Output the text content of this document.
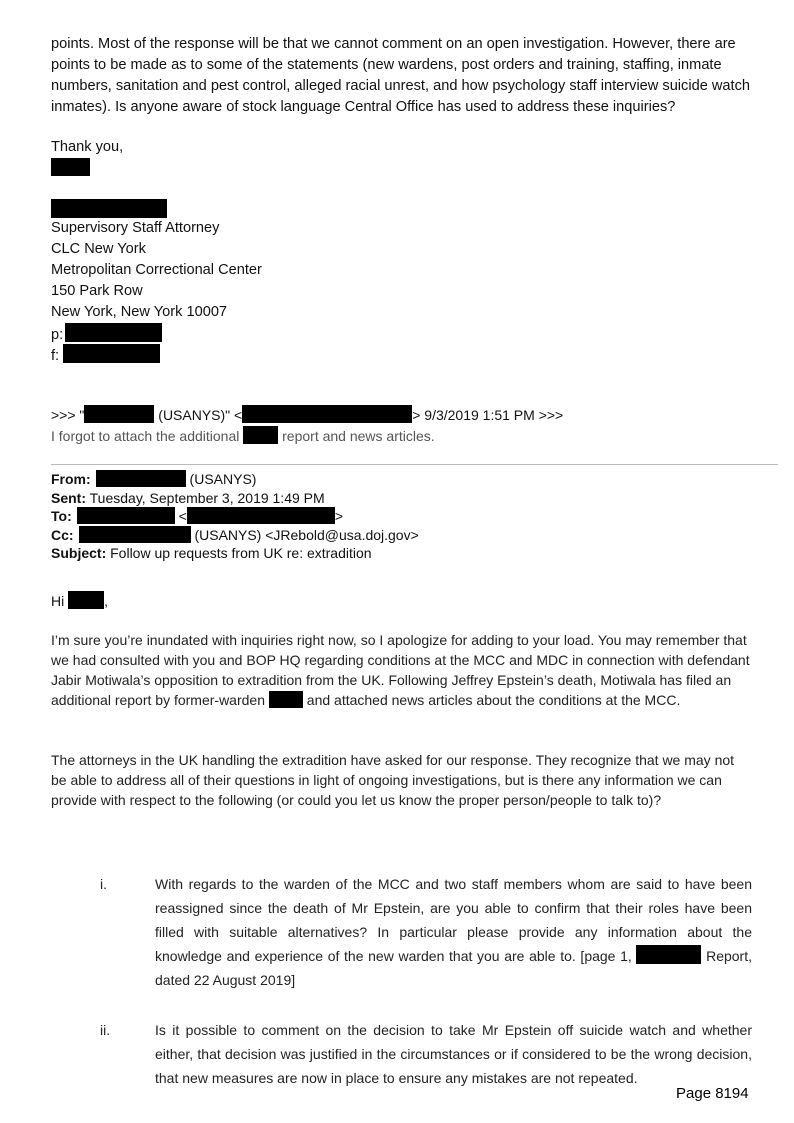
points. Most of the response will be that we cannot comment on an open investigation. However, there are points to be made as to some of the statements (new wardens, post orders and training, staffing, inmate numbers, sanitation and pest control, alleged racial unrest, and how psychology staff interview suicide watch inmates). Is anyone aware of stock language Central Office has used to address these inquiries?
Thank you,
Supervisory Staff Attorney
CLC New York
Metropolitan Correctional Center
150 Park Row
New York, New York 10007
p:
f:
>>> "	(USANYS)" <	> 9/3/2019 1:51 PM >>>
I forgot to attach the additional	report and news articles.
From:	(USANYS)
Sent: Tuesday, September 3, 2019 1:49 PM
To:	<	>
Cc:	(USANYS) <JRebold@usa.doj.gov>
Subject: Follow up requests from UK re: extradition
Hi	,
I’m sure you’re inundated with inquiries right now, so I apologize for adding to your load. You may remember that we had consulted with you and BOP HQ regarding conditions at the MCC and MDC in connection with defendant Jabir Motiwala’s opposition to extradition from the UK. Following Jeffrey Epstein’s death, Motiwala has filed an additional report by former-warden  and attached news articles about the conditions at the MCC.
The attorneys in the UK handling the extradition have asked for our response. They recognize that we may not be able to address all of their questions in light of ongoing investigations, but is there any information we can provide with respect to the following (or could you let us know the proper person/people to talk to)?
i.	With regards to the warden of the MCC and two staff members whom are said to have been reassigned since the death of Mr Epstein, are you able to confirm that their roles have been filled with suitable alternatives? In particular please provide any information about the knowledge and experience of the new warden that you are able to. [page 1,	Report, dated 22 August 2019]
ii.	Is it possible to comment on the decision to take Mr Epstein off suicide watch and whether either, that decision was justified in the circumstances or if considered to be the wrong decision, that new measures are now in place to ensure any mistakes are not repeated.
Page 8194
